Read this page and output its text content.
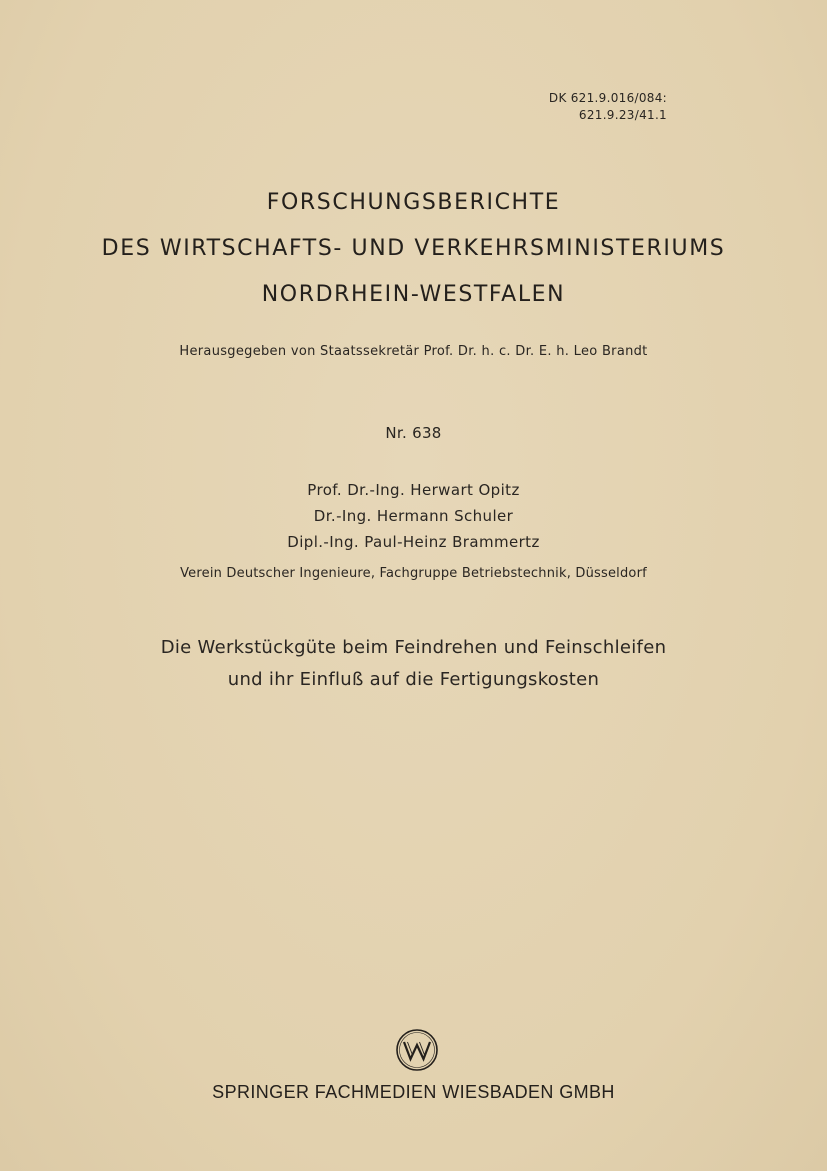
DK 621.9.016/084:
621.9.23/41.1
FORSCHUNGSBERICHTE
DES WIRTSCHAFTS- UND VERKEHRSMINISTERIUMS
NORDRHEIN-WESTFALEN
Herausgegeben von Staatssekretär Prof. Dr. h. c. Dr. E. h. Leo Brandt
Nr. 638
Prof. Dr.-Ing. Herwart Opitz
Dr.-Ing. Hermann Schuler
Dipl.-Ing. Paul-Heinz Brammertz
Verein Deutscher Ingenieure, Fachgruppe Betriebstechnik, Düsseldorf
Die Werkstückgüte beim Feindrehen und Feinschleifen
und ihr Einfluß auf die Fertigungskosten
SPRINGER FACHMEDIEN WIESBADEN GMBH
